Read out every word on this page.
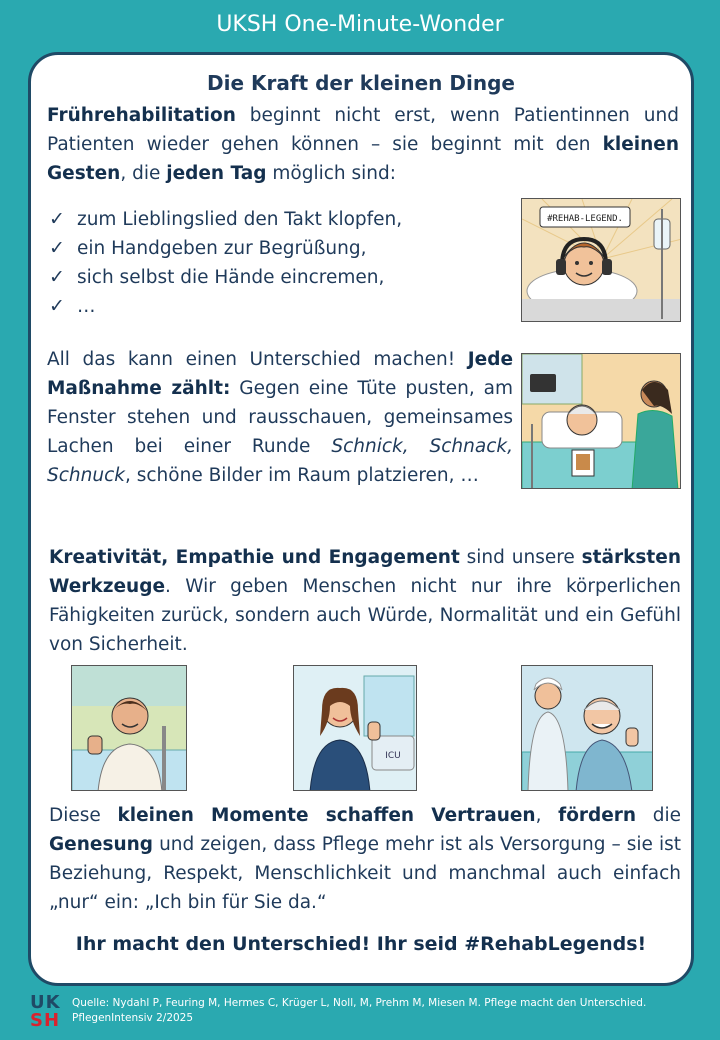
UKSH One-Minute-Wonder
Die Kraft der kleinen Dinge

Frührehabilitation beginnt nicht erst, wenn Patientinnen und Patienten wieder gehen können – sie beginnt mit den kleinen Gesten, die jeden Tag möglich sind:

✓ zum Lieblingslied den Takt klopfen,
✓ ein Handgeben zur Begrüßung,
✓ sich selbst die Hände eincremen,
✓ …
#REHAB-LEGEND.

All das kann einen Unterschied machen! Jede Maßnahme zählt: Gegen eine Tüte pusten, am Fenster stehen und rausschauen, gemeinsames Lachen bei einer Runde Schnick, Schnack, Schnuck, schöne Bilder im Raum platzieren, …

Kreativität, Empathie und Engagement sind unsere stärksten Werkzeuge. Wir geben Menschen nicht nur ihre körperlichen Fähigkeiten zurück, sondern auch Würde, Normalität und ein Gefühl von Sicherheit.

ICU

Diese kleinen Momente schaffen Vertrauen, fördern die Genesung und zeigen, dass Pflege mehr ist als Versorgung – sie ist Beziehung, Respekt, Menschlichkeit und manchmal auch einfach „nur“ ein: „Ich bin für Sie da.“

Ihr macht den Unterschied! Ihr seid #RehabLegends!
UK
SH
Quelle: Nydahl P, Feuring M, Hermes C, Krüger L, Noll, M, Prehm M, Miesen M. Pflege macht den Unterschied.
PflegenIntensiv 2/2025
